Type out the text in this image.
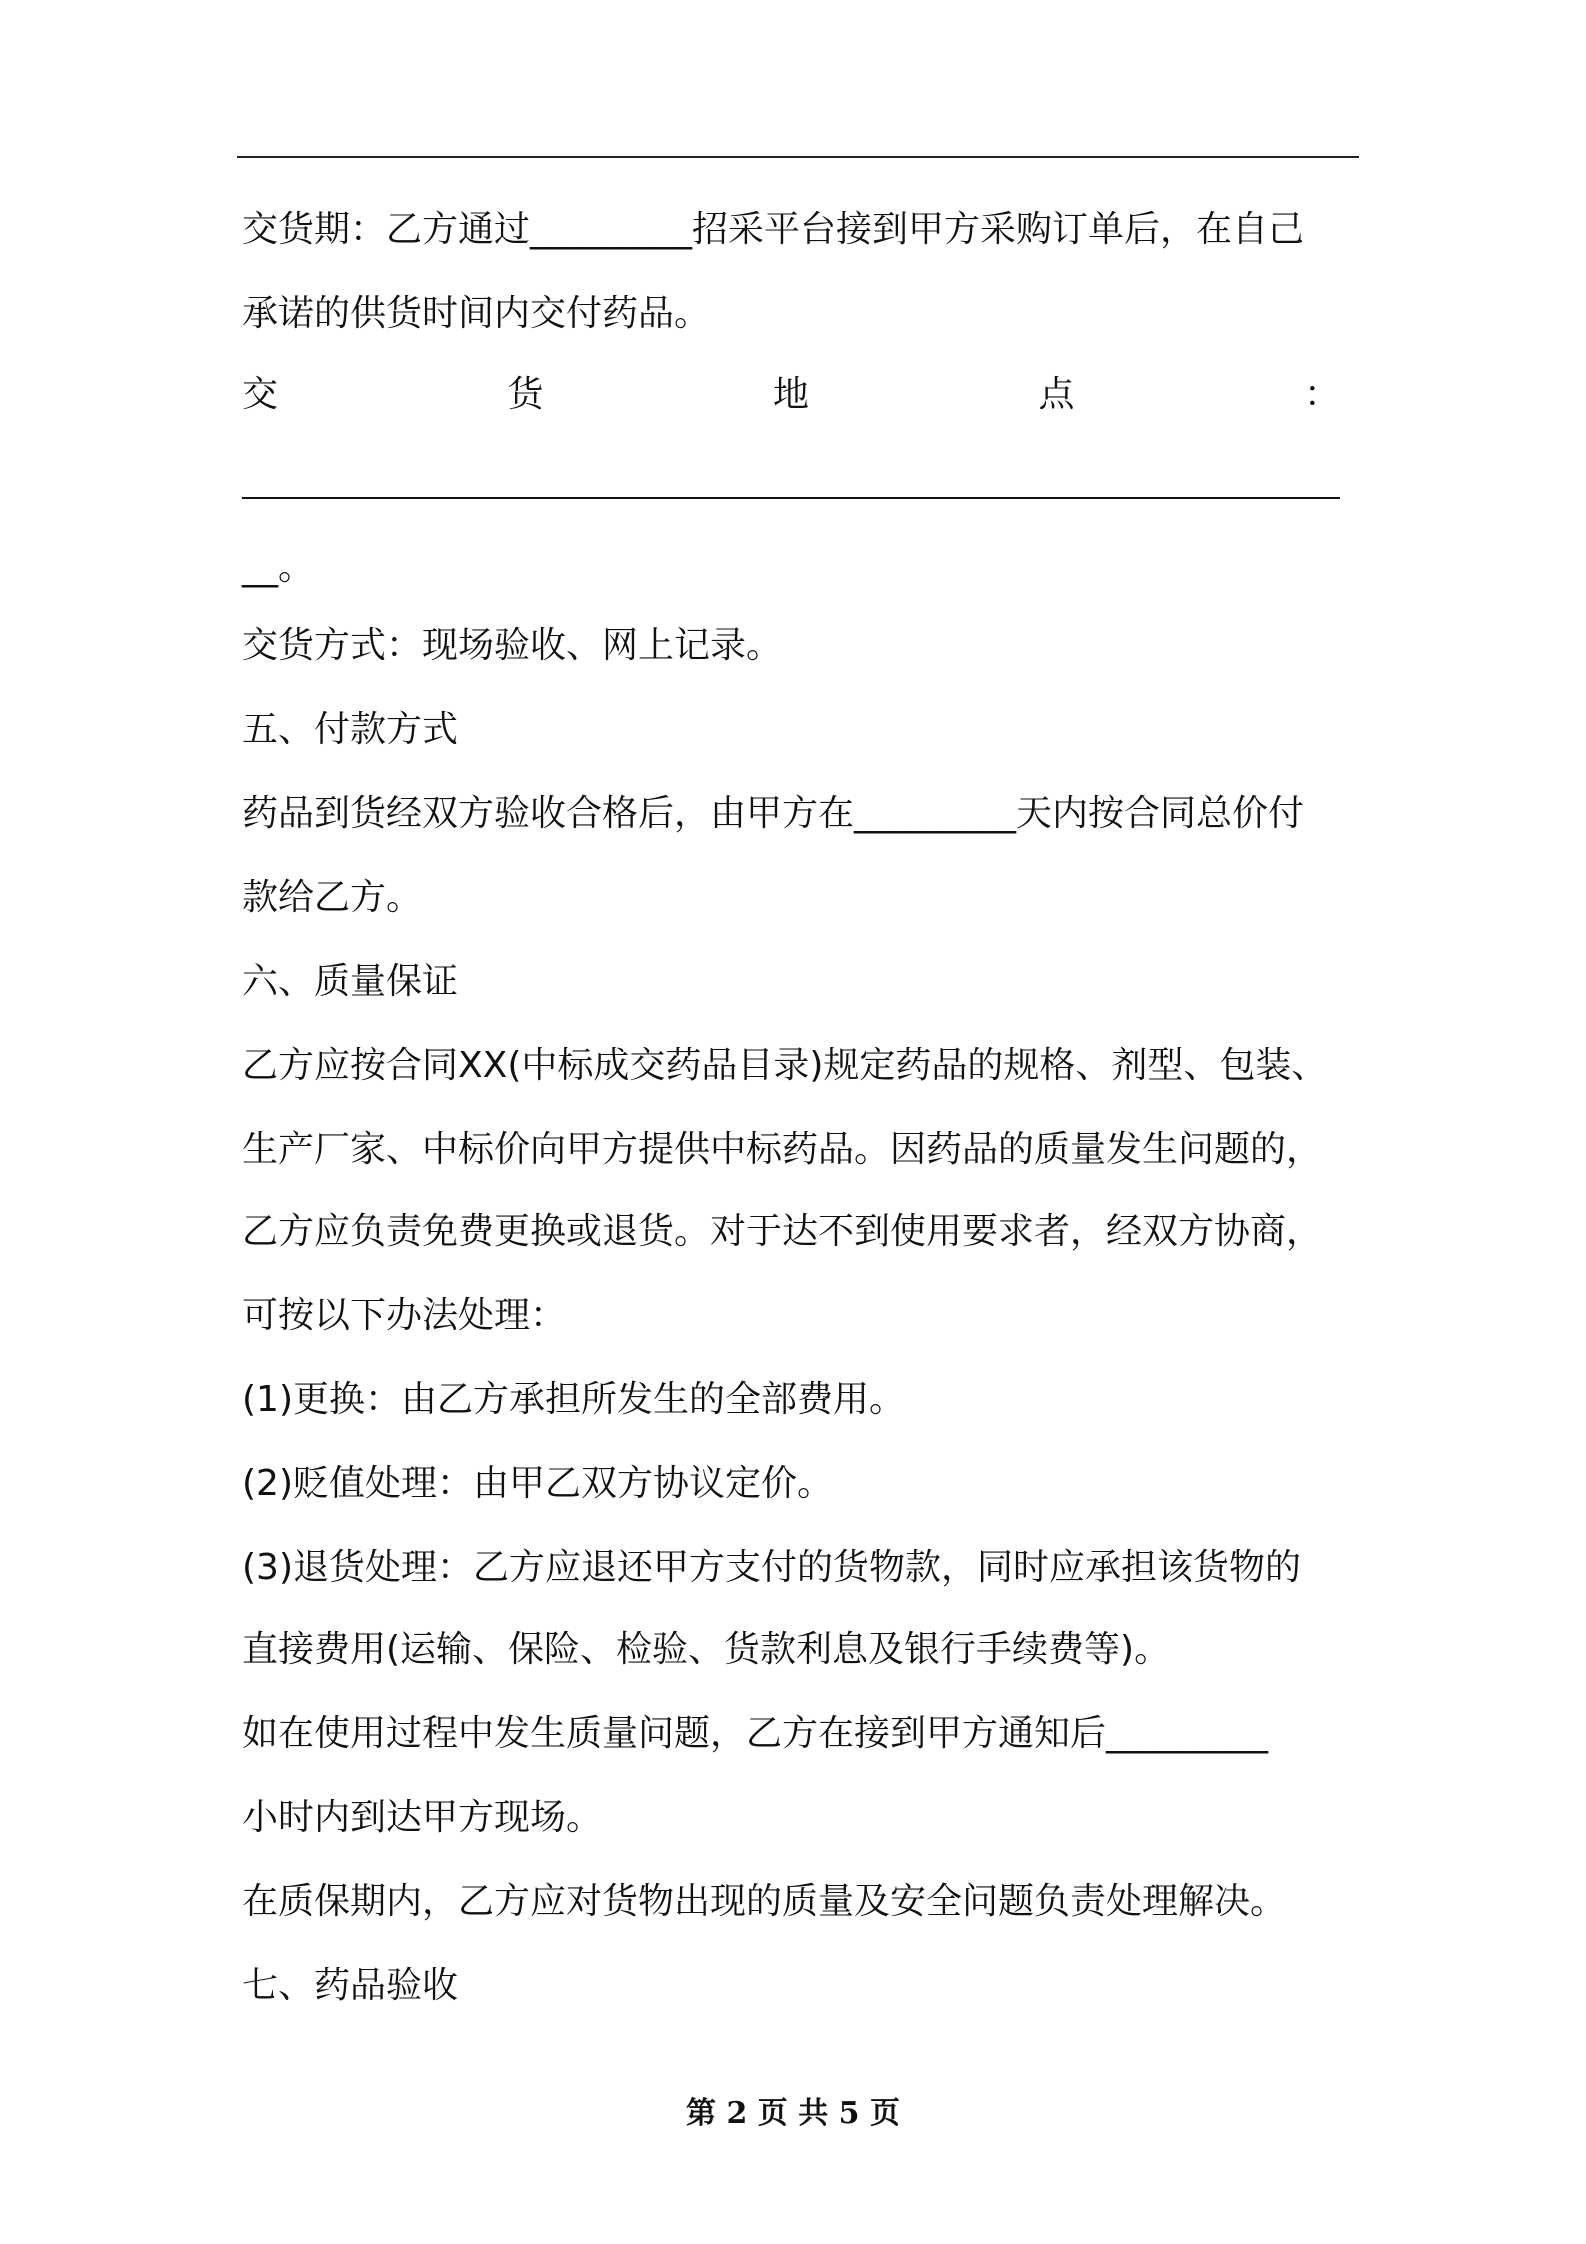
交货期：乙方通过_________招采平台接到甲方采购订单后，在自己
承诺的供货时间内交付药品。
交	货	地	点	：
__。
交货方式：现场验收、网上记录。
五、付款方式
药品到货经双方验收合格后，由甲方在_________天内按合同总价付
款给乙方。
六、质量保证
乙方应按合同XX(中标成交药品目录)规定药品的规格、剂型、包装、
生产厂家、中标价向甲方提供中标药品。因药品的质量发生问题的，
乙方应负责免费更换或退货。对于达不到使用要求者，经双方协商，
可按以下办法处理：
(1)更换：由乙方承担所发生的全部费用。
(2)贬值处理：由甲乙双方协议定价。
(3)退货处理：乙方应退还甲方支付的货物款，同时应承担该货物的
直接费用(运输、保险、检验、货款利息及银行手续费等)。
如在使用过程中发生质量问题，乙方在接到甲方通知后_________
小时内到达甲方现场。
在质保期内，乙方应对货物出现的质量及安全问题负责处理解决。
七、药品验收
第 2 页 共 5 页
